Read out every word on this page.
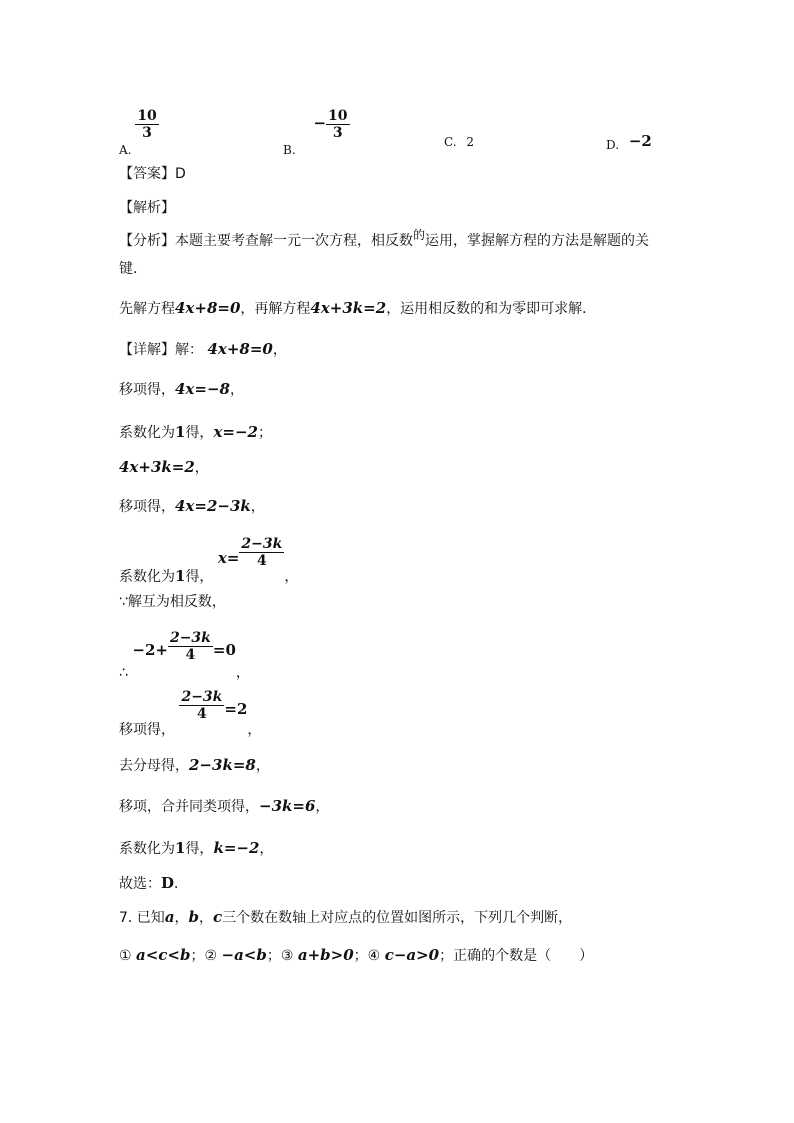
A.
$\frac{10}{3}$
B. − $\frac{10}{3}$
C. 2	D. −2
【答案】D
【解析】
【分析】本题主要考查解一元一次方程，相反数的运用，掌握解方程的方法是解题的关
键．
先解方程4x+8=0，再解方程4x+3k=2，运用相反数的和为零即可求解．
【详解】解： 4x+8=0，
移项得，4x=−8，
系数化为1得，x=−2；
4x+3k=2，
移项得，4x=2−3k，
系数化为1得， $x= \frac{2-3k}{4}$
，
∵解互为相反数，
∴ $-2+ \frac{2-3k}{4} =0$，
移项得，
$\frac{2-3k}{4} =2$，
去分母得，2−3k=8，
移项，合并同类项得，−3k=6，
系数化为1得，k=−2，
故选：D．
7. 已知a，b，c三个数在数轴上对应点的位置如图所示，下列几个判断，
① a<c<b；② −a<b；③ a+b>0；④ c−a>0；正确的个数是（　　）
